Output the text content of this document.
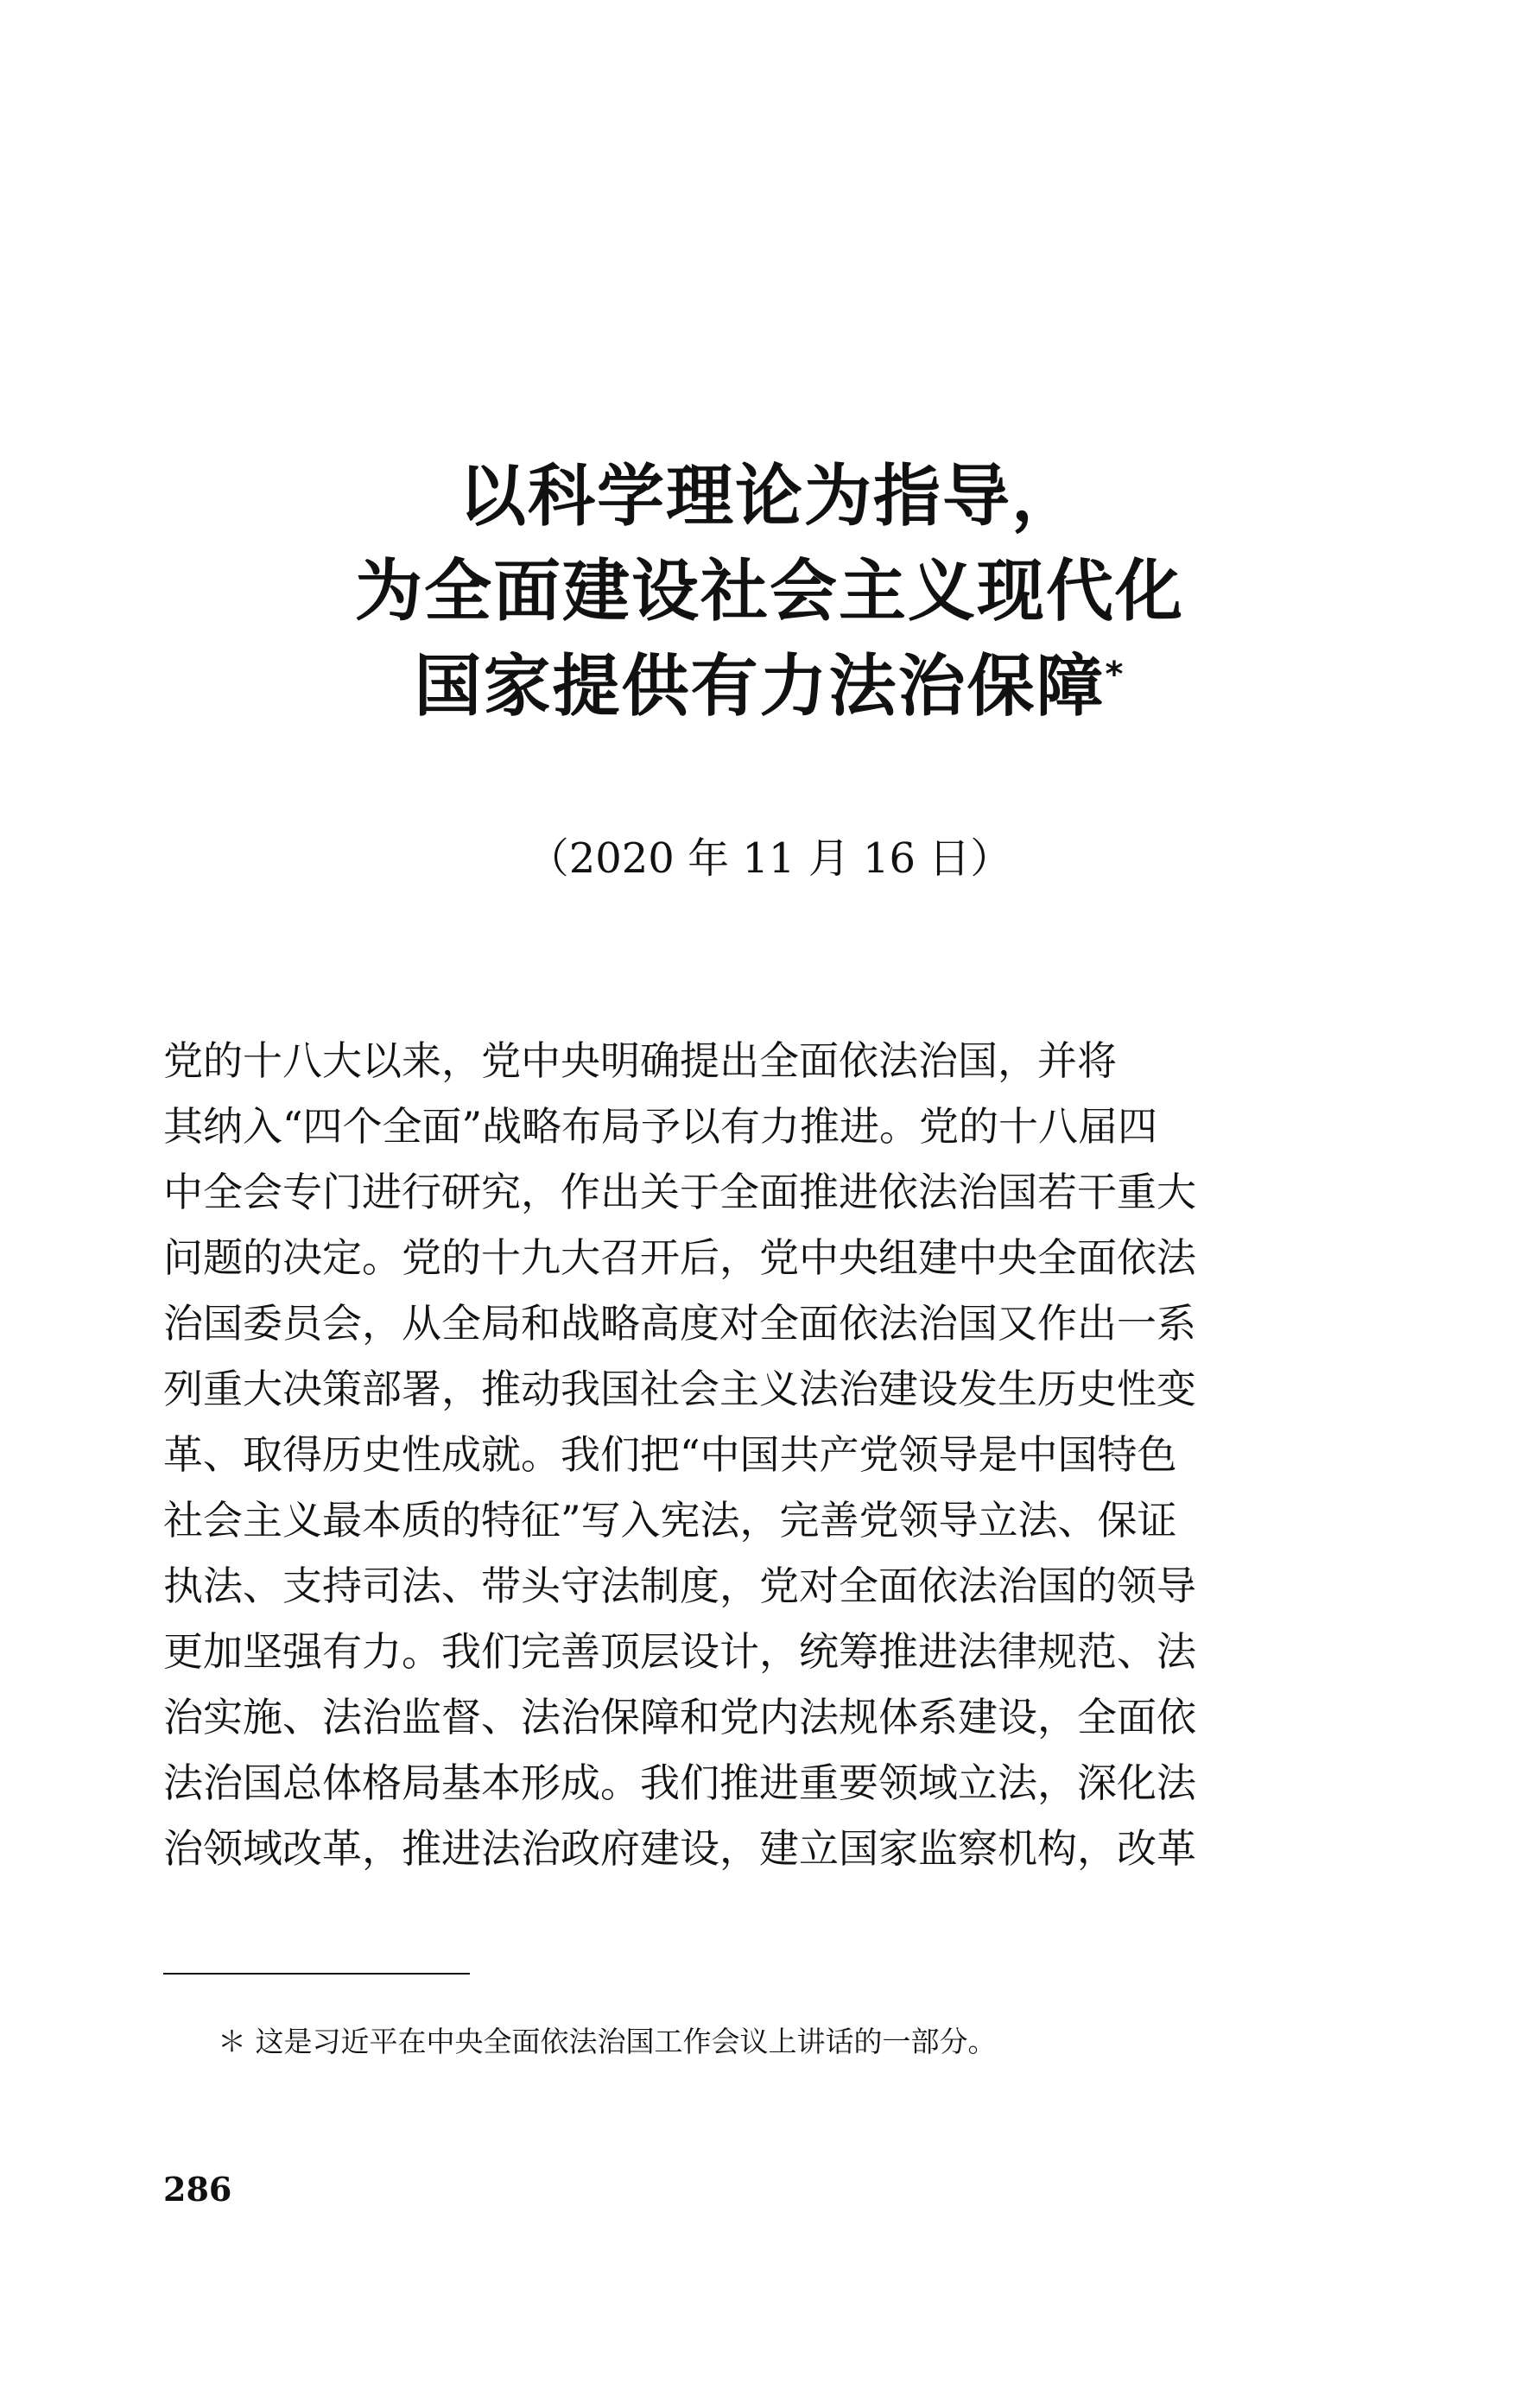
以科学理论为指导，
为全面建设社会主义现代化
国家提供有力法治保障*

（2020 年 11 月 16 日）

党的十八大以来，党中央明确提出全面依法治国，并将
其纳入“四个全面”战略布局予以有力推进。党的十八届四
中全会专门进行研究，作出关于全面推进依法治国若干重大
问题的决定。党的十九大召开后，党中央组建中央全面依法
治国委员会，从全局和战略高度对全面依法治国又作出一系
列重大决策部署，推动我国社会主义法治建设发生历史性变
革、取得历史性成就。我们把“中国共产党领导是中国特色
社会主义最本质的特征”写入宪法，完善党领导立法、保证
执法、支持司法、带头守法制度，党对全面依法治国的领导
更加坚强有力。我们完善顶层设计，统筹推进法律规范、法
治实施、法治监督、法治保障和党内法规体系建设，全面依
法治国总体格局基本形成。我们推进重要领域立法，深化法
治领域改革，推进法治政府建设，建立国家监察机构，改革

＊ 这是习近平在中央全面依法治国工作会议上讲话的一部分。

286
